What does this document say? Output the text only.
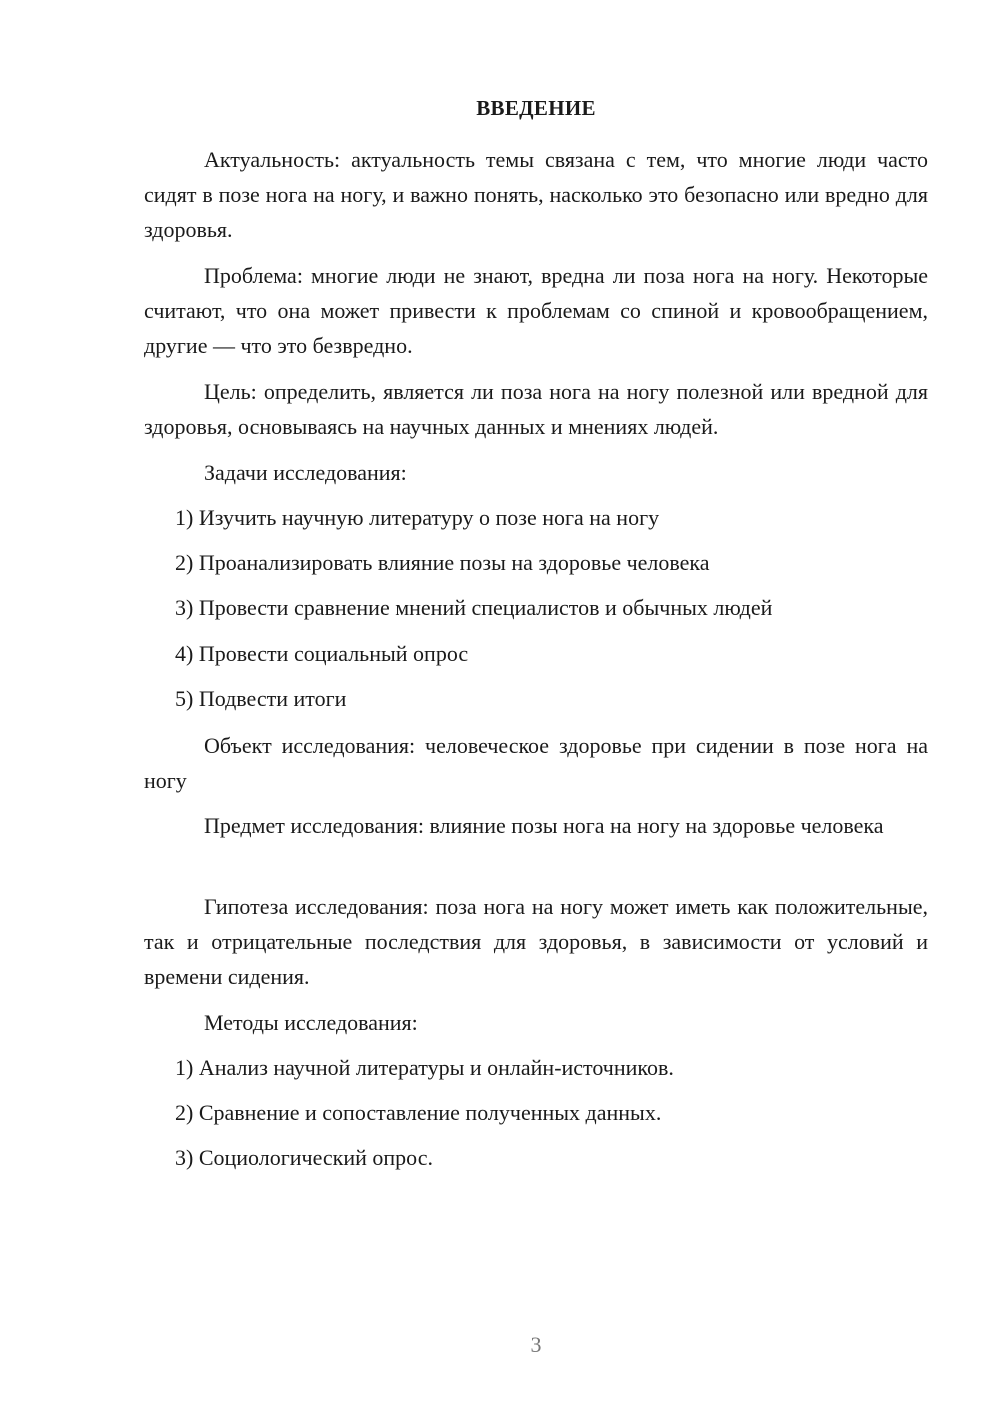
ВВЕДЕНИЕ

Актуальность: актуальность темы связана с тем, что многие люди часто сидят в позе нога на ногу, и важно понять, насколько это безопасно или вредно для здоровья.

Проблема: многие люди не знают, вредна ли поза нога на ногу. Некоторые считают, что она может привести к проблемам со спиной и кровообращением, другие — что это безвредно.

Цель: определить, является ли поза нога на ногу полезной или вредной для здоровья, основываясь на научных данных и мнениях людей.

Задачи исследования:

1) Изучить научную литературу о позе нога на ногу

2) Проанализировать влияние позы на здоровье человека

3) Провести сравнение мнений специалистов и обычных людей

4) Провести социальный опрос

5) Подвести итоги

Объект исследования: человеческое здоровье при сидении в позе нога на ногу

Предмет исследования: влияние позы нога на ногу на здоровье человека

Гипотеза исследования: поза нога на ногу может иметь как положительные, так и отрицательные последствия для здоровья, в зависимости от условий и времени сидения.

Методы исследования:

1) Анализ научной литературы и онлайн-источников.

2) Сравнение и сопоставление полученных данных.

3) Социологический опрос.

3
